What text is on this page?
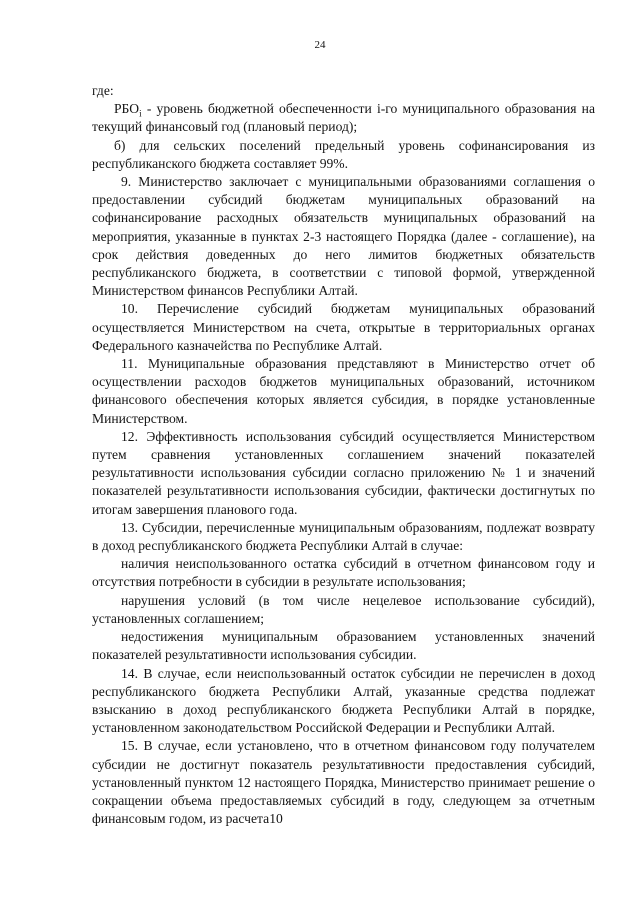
24

где:

$РБО_i$ - уровень бюджетной обеспеченности i-го муниципального образования на текущий финансовый год (плановый период);

б) для сельских поселений предельный уровень софинансирования из республиканского бюджета составляет 99%.

9. Министерство заключает с муниципальными образованиями соглашения о предоставлении субсидий бюджетам муниципальных образований на софинансирование расходных обязательств муниципальных образований на мероприятия, указанные в пунктах 2-3 настоящего Порядка (далее - соглашение), на срок действия доведенных до него лимитов бюджетных обязательств республиканского бюджета, в соответствии с типовой формой, утвержденной Министерством финансов Республики Алтай.

10. Перечисление субсидий бюджетам муниципальных образований осуществляется Министерством на счета, открытые в территориальных органах Федерального казначейства по Республике Алтай.

11. Муниципальные образования представляют в Министерство отчет об осуществлении расходов бюджетов муниципальных образований, источником финансового обеспечения которых является субсидия, в порядке установленные Министерством.

12. Эффективность использования субсидий осуществляется Министерством путем сравнения установленных соглашением значений показателей результативности использования субсидии согласно приложению № 1 и значений показателей результативности использования субсидии, фактически достигнутых по итогам завершения планового года.

13. Субсидии, перечисленные муниципальным образованиям, подлежат возврату в доход республиканского бюджета Республики Алтай в случае:

наличия неиспользованного остатка субсидий в отчетном финансовом году и отсутствия потребности в субсидии в результате использования;

нарушения условий (в том числе нецелевое использование субсидий), установленных соглашением;

недостижения муниципальным образованием установленных значений показателей результативности использования субсидии.

14. В случае, если неиспользованный остаток субсидии не перечислен в доход республиканского бюджета Республики Алтай, указанные средства подлежат взысканию в доход республиканского бюджета Республики Алтай в порядке, установленном законодательством Российской Федерации и Республики Алтай.

15. В случае, если установлено, что в отчетном финансовом году получателем субсидии не достигнут показатель результативности предоставления субсидий, установленный пунктом 12 настоящего Порядка, Министерство принимает решение о сокращении объема предоставляемых субсидий в году, следующем за отчетным финансовым годом, из расчета10
